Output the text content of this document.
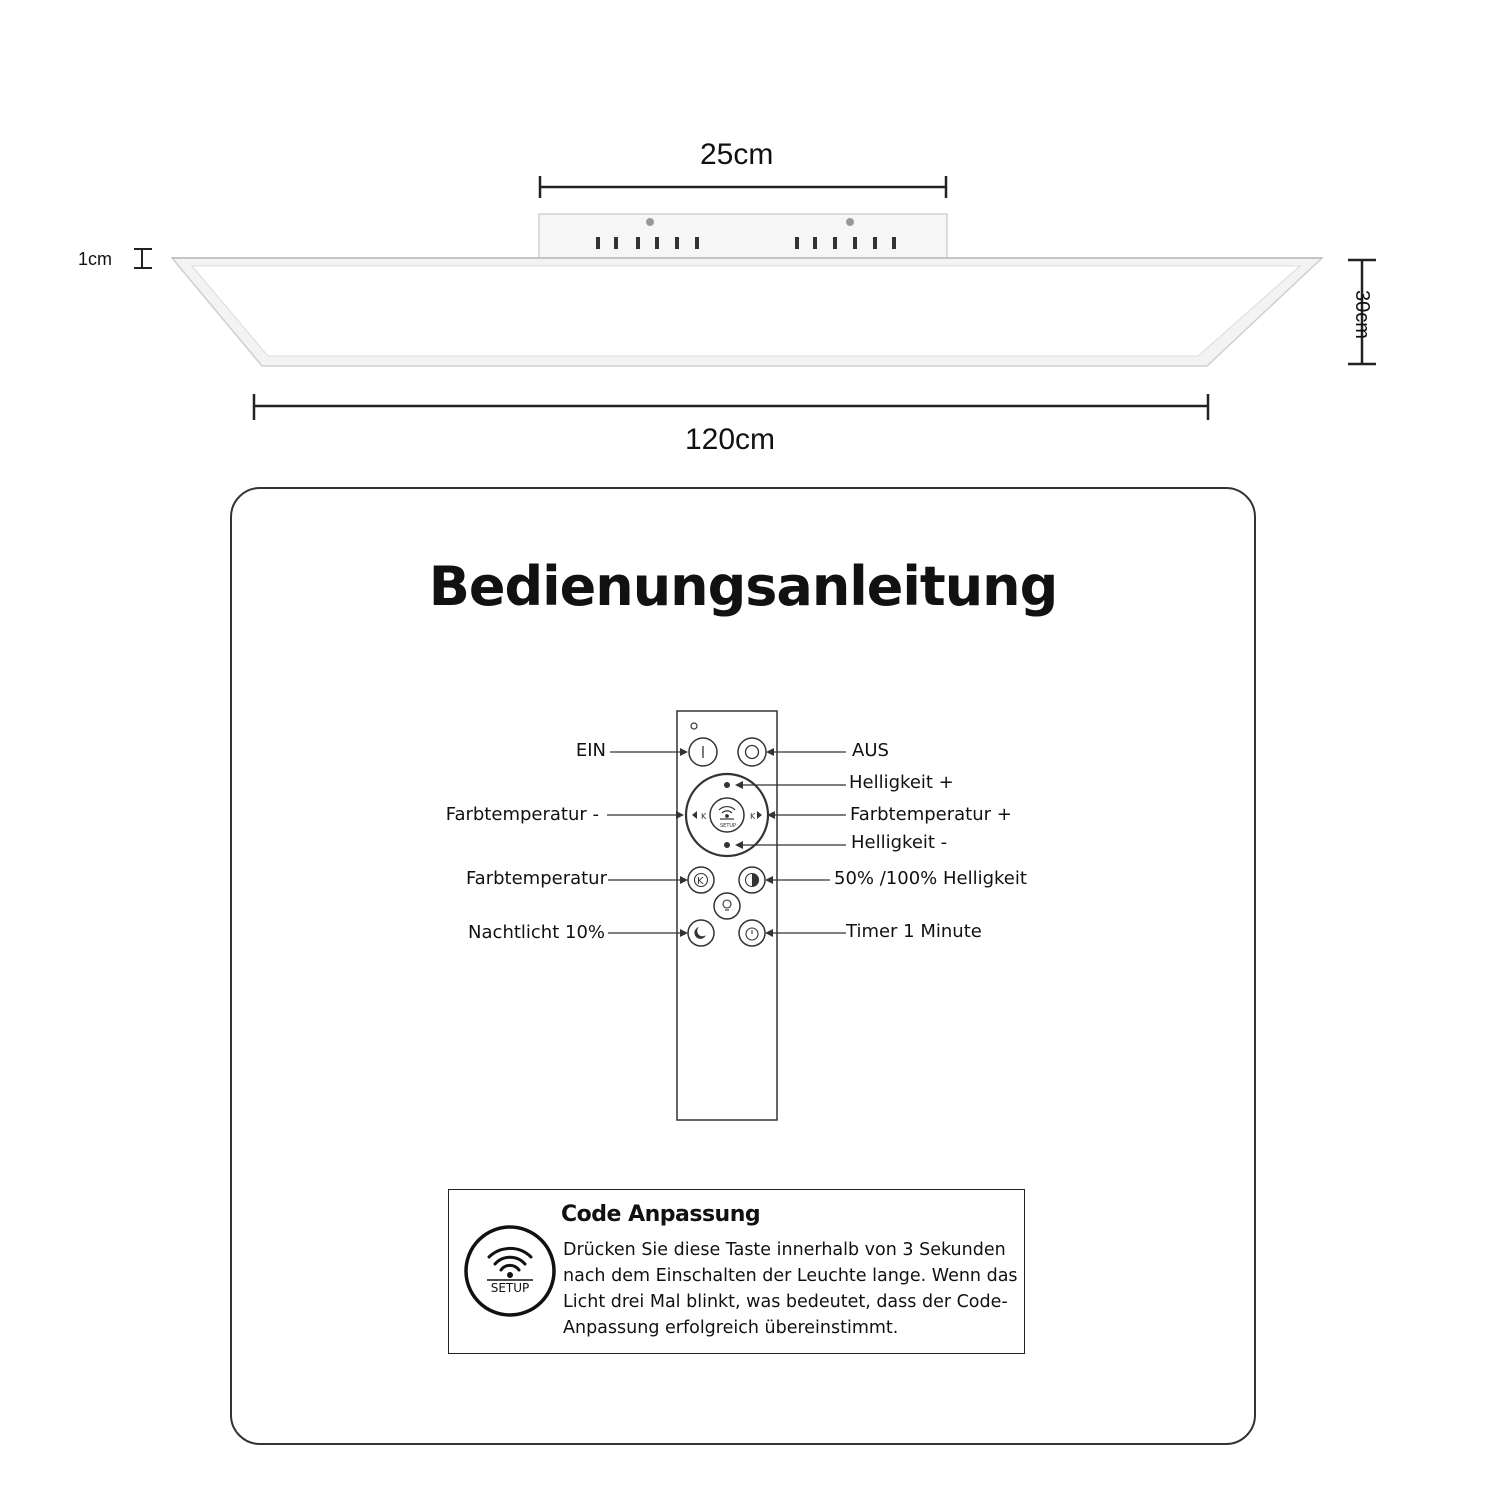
25cm
1cm
120cm
30cm
Bedienungsanleitung
K	K
K
SETUP
EIN	AUS
Helligkeit +
Farbtemperatur -	Farbtemperatur +
Helligkeit -
Farbtemperatur	50% /100% Helligkeit
Nachtlicht 10%	Timer 1 Minute
SETUP
Code Anpassung
Drücken Sie diese Taste innerhalb von 3 Sekunden
nach dem Einschalten der Leuchte lange. Wenn das
Licht drei Mal blinkt, was bedeutet, dass der Code-
Anpassung erfolgreich übereinstimmt.
